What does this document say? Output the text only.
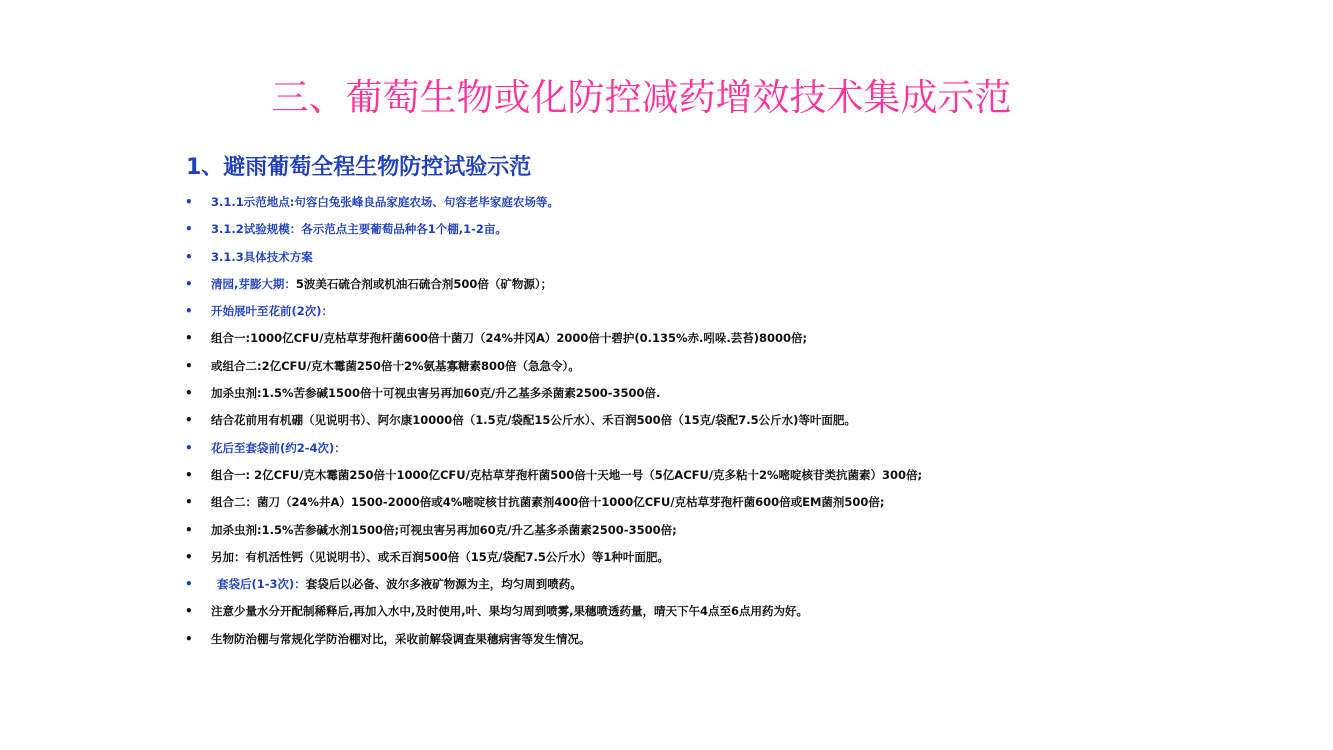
三、葡萄生物或化防控减药增效技术集成示范
1、避雨葡萄全程生物防控试验示范
• 3.1.1示范地点:句容白兔张峰良品家庭农场、句容老毕家庭农场等。
• 3.1.2试验规模：各示范点主要葡萄品种各1个棚,1-2亩。
• 3.1.3具体技术方案
• 清园,芽膨大期：5波美石硫合剂或机油石硫合剂500倍（矿物源）；
• 开始展叶至花前(2次)：
• 组合一:1000亿CFU/克枯草芽孢杆菌600倍十菌刀（24%井冈A）2000倍十碧护(0.135%赤.吲哚.芸苔)8000倍;
• 或组合二:2亿CFU/克木霉菌250倍十2%氨基寡糖素800倍（急急令）。
• 加杀虫剂:1.5%苦参碱1500倍十可视虫害另再加60克/升乙基多杀菌素2500-3500倍.
• 结合花前用有机硼（见说明书）、阿尔康10000倍（1.5克/袋配15公斤水）、禾百润500倍（15克/袋配7.5公斤水)等叶面肥。
• 花后至套袋前(约2-4次)：
• 组合一: 2亿CFU/克木霉菌250倍十1000亿CFU/克枯草芽孢杆菌500倍十天地一号（5亿ACFU/克多粘十2%嘧啶核苷类抗菌素）300倍;
• 组合二：菌刀（24%井A）1500-2000倍或4%嘧啶核甘抗菌素剂400倍十1000亿CFU/克枯草芽孢杆菌600倍或EM菌剂500倍;
• 加杀虫剂:1.5%苦参碱水剂1500倍;可视虫害另再加60克/升乙基多杀菌素2500-3500倍;
• 另加：有机活性钙（见说明书）、或禾百润500倍（15克/袋配7.5公斤水）等1种叶面肥。
• 套袋后(1-3次)：套袋后以必备、波尔多液矿物源为主，均匀周到喷药。
• 注意少量水分开配制稀释后,再加入水中,及时使用,叶、果均匀周到喷雾,果穗喷透药量，晴天下午4点至6点用药为好。
• 生物防治棚与常规化学防治棚对比，采收前解袋调查果穗病害等发生情况。
